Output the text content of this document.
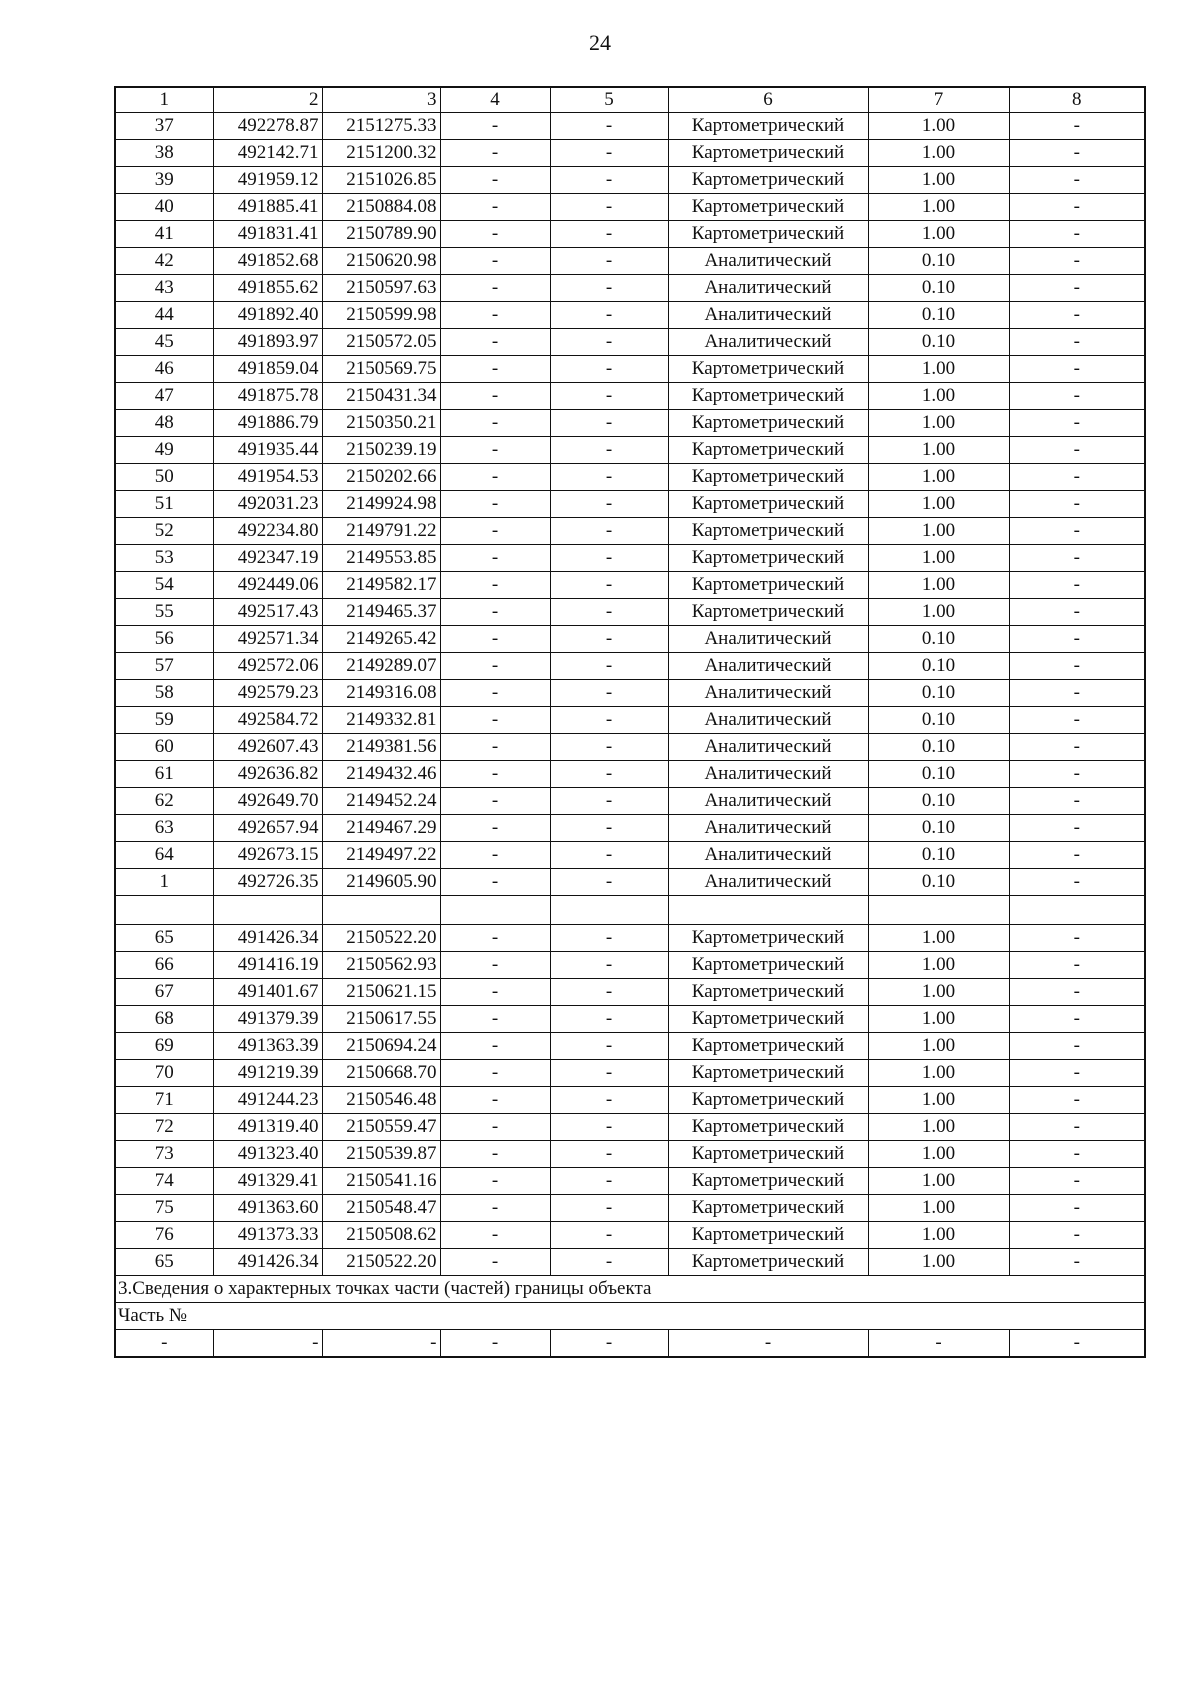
24
1	2	3	4	5	6	7	8
37	492278.87	2151275.33	-	-	Картометрический	1.00	-
38	492142.71	2151200.32	-	-	Картометрический	1.00	-
39	491959.12	2151026.85	-	-	Картометрический	1.00	-
40	491885.41	2150884.08	-	-	Картометрический	1.00	-
41	491831.41	2150789.90	-	-	Картометрический	1.00	-
42	491852.68	2150620.98	-	-	Аналитический	0.10	-
43	491855.62	2150597.63	-	-	Аналитический	0.10	-
44	491892.40	2150599.98	-	-	Аналитический	0.10	-
45	491893.97	2150572.05	-	-	Аналитический	0.10	-
46	491859.04	2150569.75	-	-	Картометрический	1.00	-
47	491875.78	2150431.34	-	-	Картометрический	1.00	-
48	491886.79	2150350.21	-	-	Картометрический	1.00	-
49	491935.44	2150239.19	-	-	Картометрический	1.00	-
50	491954.53	2150202.66	-	-	Картометрический	1.00	-
51	492031.23	2149924.98	-	-	Картометрический	1.00	-
52	492234.80	2149791.22	-	-	Картометрический	1.00	-
53	492347.19	2149553.85	-	-	Картометрический	1.00	-
54	492449.06	2149582.17	-	-	Картометрический	1.00	-
55	492517.43	2149465.37	-	-	Картометрический	1.00	-
56	492571.34	2149265.42	-	-	Аналитический	0.10	-
57	492572.06	2149289.07	-	-	Аналитический	0.10	-
58	492579.23	2149316.08	-	-	Аналитический	0.10	-
59	492584.72	2149332.81	-	-	Аналитический	0.10	-
60	492607.43	2149381.56	-	-	Аналитический	0.10	-
61	492636.82	2149432.46	-	-	Аналитический	0.10	-
62	492649.70	2149452.24	-	-	Аналитический	0.10	-
63	492657.94	2149467.29	-	-	Аналитический	0.10	-
64	492673.15	2149497.22	-	-	Аналитический	0.10	-
1	492726.35	2149605.90	-	-	Аналитический	0.10	-

65	491426.34	2150522.20	-	-	Картометрический	1.00	-
66	491416.19	2150562.93	-	-	Картометрический	1.00	-
67	491401.67	2150621.15	-	-	Картометрический	1.00	-
68	491379.39	2150617.55	-	-	Картометрический	1.00	-
69	491363.39	2150694.24	-	-	Картометрический	1.00	-
70	491219.39	2150668.70	-	-	Картометрический	1.00	-
71	491244.23	2150546.48	-	-	Картометрический	1.00	-
72	491319.40	2150559.47	-	-	Картометрический	1.00	-
73	491323.40	2150539.87	-	-	Картометрический	1.00	-
74	491329.41	2150541.16	-	-	Картометрический	1.00	-
75	491363.60	2150548.47	-	-	Картометрический	1.00	-
76	491373.33	2150508.62	-	-	Картометрический	1.00	-
65	491426.34	2150522.20	-	-	Картометрический	1.00	-
3.Сведения о характерных точках части (частей) границы объекта							
Часть №							
-	-	-	-	-	-	-	-
